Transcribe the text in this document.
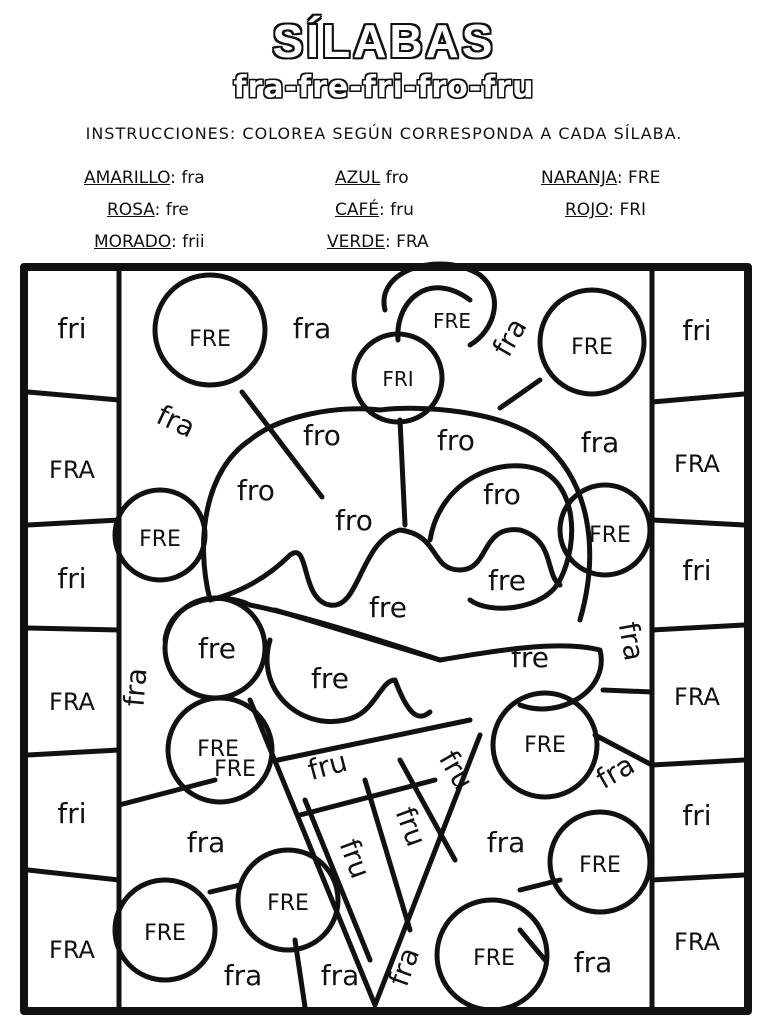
SÍLABAS
fra-fre-fri-fro-fru
INSTRUCCIONES: COLOREA SEGÚN CORRESPONDA A CADA SÍLABA.
AMARILLO: fra	AZUL fro	NARANJA: FRE
ROSA: fre	CAFÉ: fru	ROJO: FRI
MORADO: frii	VERDE: FRA
fri
FRA
fri
FRA
fri
FRA
fri
FRA
fri
FRA
fri
FRA
FRE
FRI
FRE
FRE
FRE	FRE
FRE
FRE
FRE
FRE
FRE
FRE
FRE
fra	fra
fra	fra
fra
fra
fra
fra	fra
fra fra fra	fra
fro	fro
fro
fro
fro
fre
fre
fre
fre
fre
fru	fru
fru
fru
